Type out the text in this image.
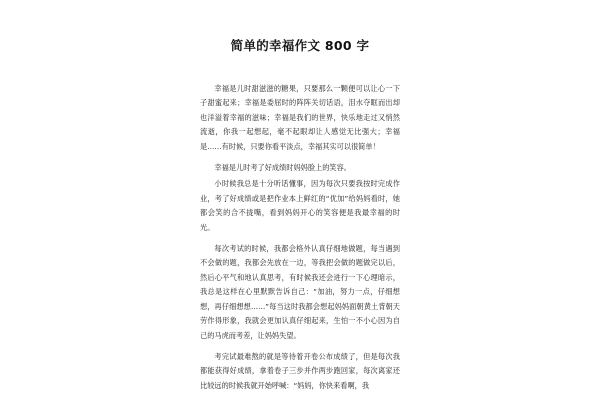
简单的幸福作文 800 字

幸福是儿时甜滋滋的糖果，只要那么一颗便可以让心一下子甜蜜起来；幸福是委屈时的阵阵关切话语，泪水夺眶而出却也洋溢着幸福的滋味；幸福是我们的世界，快乐地走过又悄然流逝，你我一起想起，毫不起眼却让人感觉无比强大；幸福是……有时候，只要你看平淡点，幸福其实可以很简单！

幸福是儿时考了好成绩时妈妈脸上的笑容。

小时候我总是十分听话懂事，因为每次只要我按时完成作业，考了好成绩或是把作业本上鲜红的“优加”给妈妈看时，她都会笑的合不拢嘴，看到妈妈开心的笑容便是我最幸福的时光。

每次考试的时候，我都会格外认真仔细地做题，每当遇到不会做的题，我都会先放在一边，等我把会做的题做完以后，然后心平气和地认真思考，有时候我还会进行一下心理暗示，我总是这样在心里默默告诉自己：“加油，努力一点，仔细想想，再仔细想想……”每当这时我都会想起妈妈面朝黄土背朝天劳作得形象，我就会更加认真仔细起来，生怕一不小心因为自己的马虎而考差，让妈妈失望。

考完试最难熬的就是等待着开卷公布成绩了，但是每次我都能获得好成绩，拿着卷子三步并作两步跑回家，每次离家还比较远的时候我就开始呼喊：“妈妈，你快来看啊，我
